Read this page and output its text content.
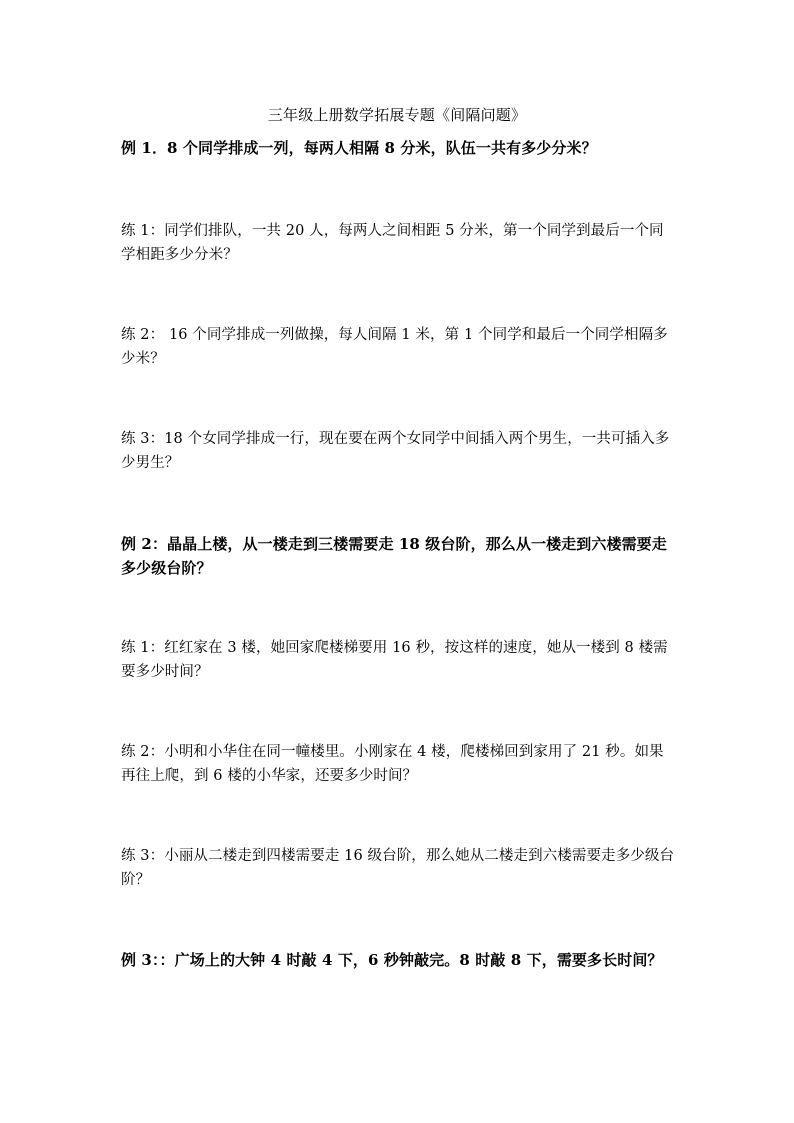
三年级上册数学拓展专题《间隔问题》
例 1．8 个同学排成一列，每两人相隔 8 分米，队伍一共有多少分米？
练 1：同学们排队，一共 20 人，每两人之间相距 5 分米，第一个同学到最后一个同学相距多少分米？
练 2： 16 个同学排成一列做操，每人间隔 1 米，第 1 个同学和最后一个同学相隔多少米？
练 3：18 个女同学排成一行，现在要在两个女同学中间插入两个男生，一共可插入多少男生？
例 2：晶晶上楼，从一楼走到三楼需要走 18 级台阶，那么从一楼走到六楼需要走多少级台阶？
练 1：红红家在 3 楼，她回家爬楼梯要用 16 秒，按这样的速度，她从一楼到 8 楼需要多少时间？
练 2：小明和小华住在同一幢楼里。小刚家在 4 楼，爬楼梯回到家用了 21 秒。如果再往上爬，到 6 楼的小华家，还要多少时间？
练 3：小丽从二楼走到四楼需要走 16 级台阶，那么她从二楼走到六楼需要走多少级台阶？
例 3：：广场上的大钟 4 时敲 4 下，6 秒钟敲完。8 时敲 8 下，需要多长时间？
